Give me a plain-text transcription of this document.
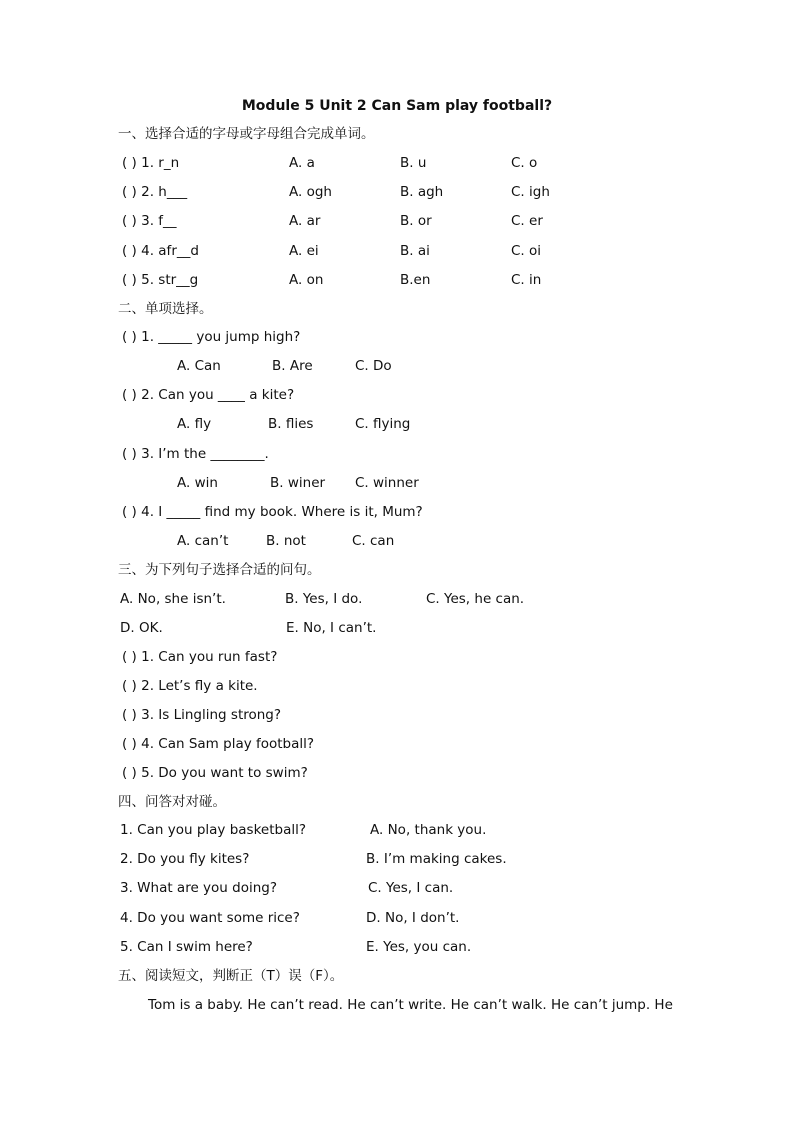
Module 5 Unit 2 Can Sam play football?
一、选择合适的字母或字母组合完成单词。
( ) 1. r_n	A. a	B. u	C. o
( ) 2. h___	A. ogh	B. agh	C. igh
( ) 3. f__	A. ar	B. or	C. er
( ) 4. afr__d	A. ei	B. ai	C. oi
( ) 5. str__g	A. on	B.en	C. in
二、单项选择。
( ) 1. _____ you jump high?
A. Can	B. Are	C. Do
( ) 2. Can you ____ a kite?
A. fly	B. flies	C. flying
( ) 3. I’m the ________.
A. win	B. winer C. winner
( ) 4. I _____ find my book. Where is it, Mum?
A. can’t	B. not	C. can
三、为下列句子选择合适的问句。
A. No, she isn’t.	B. Yes, I do.	C. Yes, he can.
D. OK.	E. No, I can’t.
( ) 1. Can you run fast?
( ) 2. Let’s fly a kite.
( ) 3. Is Lingling strong?
( ) 4. Can Sam play football?
( ) 5. Do you want to swim?
四、问答对对碰。
1. Can you play basketball?	A. No, thank you.
2. Do you fly kites?	B. I’m making cakes.
3. What are you doing?	C. Yes, I can.
4. Do you want some rice?	D. No, I don’t.
5. Can I swim here?	E. Yes, you can.
五、阅读短文，判断正（T）误（F）。
Tom is a baby. He can’t read. He can’t write. He can’t walk. He can’t jump. He
